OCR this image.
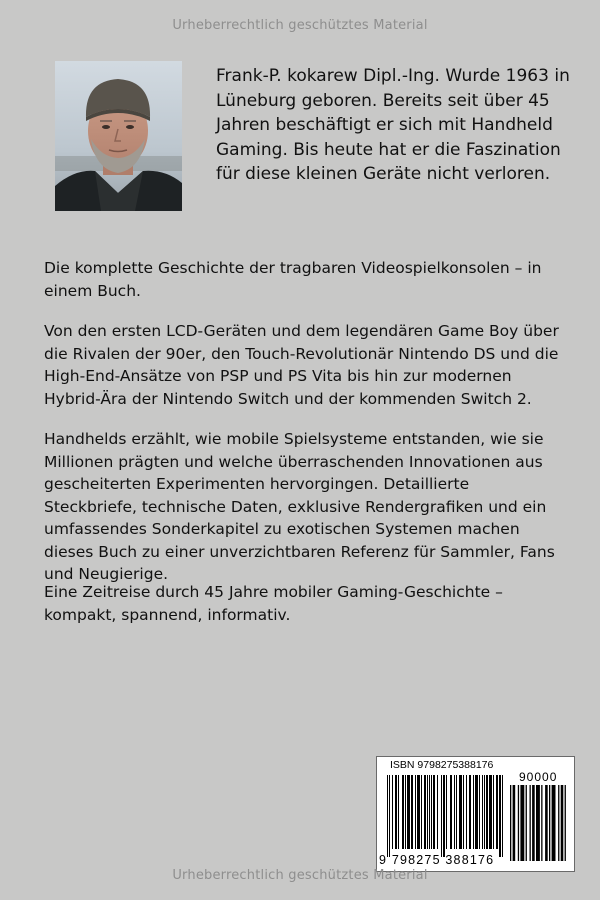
Urheberrechtlich geschütztes Material

Frank-P. kokarew Dipl.-Ing. Wurde 1963 in Lüneburg geboren. Bereits seit über 45 Jahren beschäftigt er sich mit Handheld Gaming. Bis heute hat er die Faszination für diese kleinen Geräte nicht verloren.

Die komplette Geschichte der tragbaren Videospielkonsolen – in einem Buch.

Von den ersten LCD-Geräten und dem legendären Game Boy über die Rivalen der 90er, den Touch-Revolutionär Nintendo DS und die High-End-Ansätze von PSP und PS Vita bis hin zur modernen Hybrid-Ära der Nintendo Switch und der kommenden Switch 2.

Handhelds erzählt, wie mobile Spielsysteme entstanden, wie sie Millionen prägten und welche überraschenden Innovationen aus gescheiterten Experimenten hervorgingen. Detaillierte Steckbriefe, technische Daten, exklusive Rendergrafiken und ein umfassendes Sonderkapitel zu exotischen Systemen machen dieses Buch zu einer unverzichtbaren Referenz für Sammler, Fans und Neugierige.

Eine Zeitreise durch 45 Jahre mobiler Gaming-Geschichte – kompakt, spannend, informativ.

ISBN 9798275388176
90000
9 798275 388176
Urheberrechtlich geschütztes Material
